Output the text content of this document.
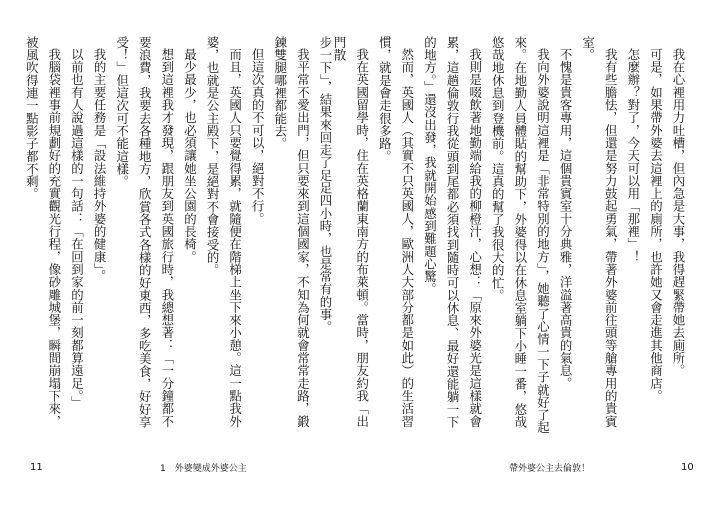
步一下」，結果來回走了足足四小時，也是常有的事。

我平常不愛出門，但只要來到這個國家，不知為何就會常常走路，鍛鍊雙腿哪裡都能去。

但這次真的不可以，絕對不行。

而且，英國人只要覺得累，就隨便在階梯上坐下來小憩。這一點我外婆，也就是公主殿下，是絕對不會接受的。

最少最少，也必須讓她坐公園的長椅。

想到這裡我才發現，跟朋友到英國旅行時，我總想著：「一分鐘都不要浪費，我要去各種地方，欣賞各式各樣的好東西，多吃美食，好好享受！」但這次可不能這樣。

我的主要任務是「設法維持外婆的健康」。

以前也有人說過這樣的一句話：「在回到家的前一刻都算遠足。」

我腦袋裡事前規劃好的充實觀光行程，像砂雕城堡，瞬間崩塌下來，被風吹得連一點影子都不剩。

11	1　外婆變成外婆公主

我在心裡用力吐槽，但內急是大事，我得趕緊帶她去廁所。

可是，如果帶外婆去這裡上的廁所，也許她又會走進其他商店。

怎麼辦？對了，今天可以用「那裡」！

我有些膽怯，但還是努力鼓起勇氣，帶著外婆前往頭等艙專用的貴賓室。

不愧是貴客專用，這個貴賓室十分典雅，洋溢著高貴的氣息。

我向外婆說明這裡是「非常特別的地方」，她聽了心情一下子就好了起來。在地勤人員體貼的幫助下，外婆得以在休息室躺下小睡一番，悠哉悠哉地休息到登機前。這真的幫了我很大的忙。

我則是啜飲著地勤端給我的柳橙汁，心想：「原來外婆光是這樣就會累，這趟倫敦行我從頭到尾都必須找到隨時可以休息、最好還能躺一下的地方。」還沒出發，我就開始感到難題心驚。

然而，英國人（其實不只英國人，歐洲人大部分都是如此）的生活習慣，就是會走很多路。

我在英國留學時，住在英格蘭東南方的布萊頓。當時，朋友約我「出門散

帶外婆公主去倫敦！	10
